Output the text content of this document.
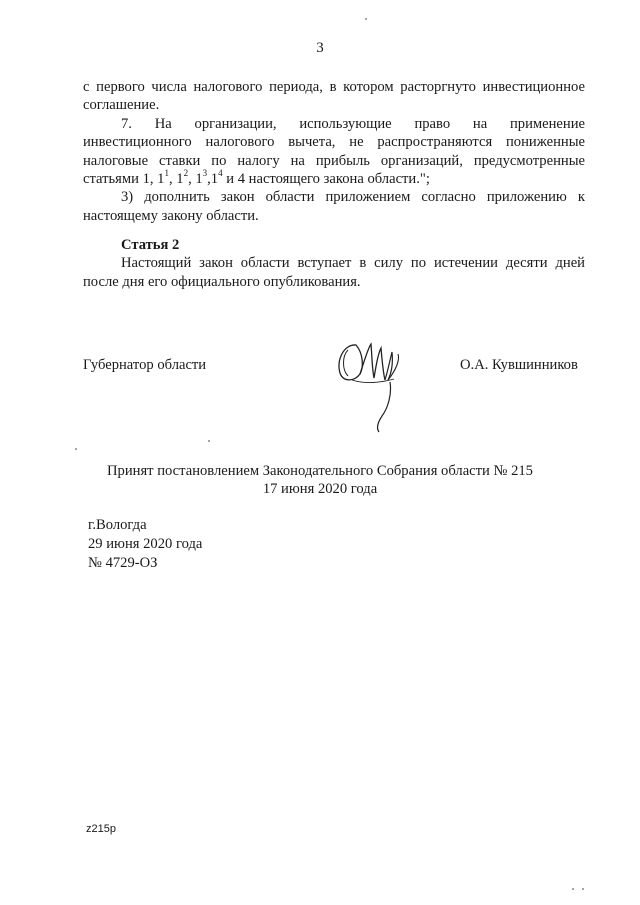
3

с первого числа налогового периода, в котором расторгнуто инвестиционное соглашение.

7. На организации, использующие право на применение

инвестиционного налогового вычета, не распространяются пониженные налоговые ставки по налогу на прибыль организаций, предусмотренные статьями 1, $1^1$, $1^2$, $1^3,1^4$ и 4 настоящего закона области.";

3) дополнить закон области приложением согласно приложению к настоящему закону области.

Статья 2

Настоящий закон области вступает в силу по истечении десяти дней после дня его официального опубликования.

Губернатор области	О.А. Кувшинников
Принят постановлением Законодательного Собрания области № 215
17 июня 2020 года
г.Вологда
29 июня 2020 года
№ 4729-ОЗ
z215p
